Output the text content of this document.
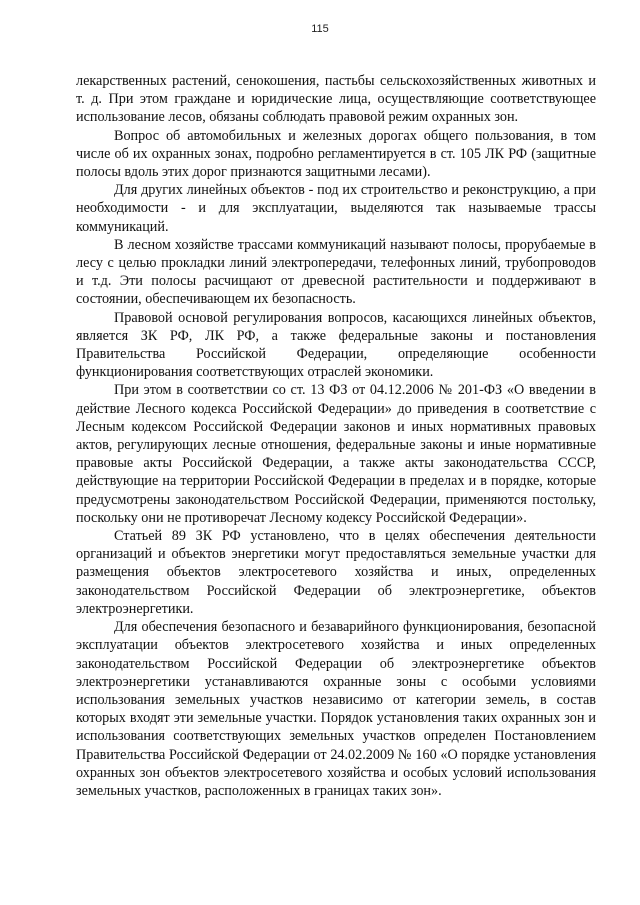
115

лекарственных растений, сенокошения, пастьбы сельскохозяйственных животных и т. д. При этом граждане и юридические лица, осуществляющие соответствующее использование лесов, обязаны соблюдать правовой режим охранных зон.

Вопрос об автомобильных и железных дорогах общего пользования, в том числе об их охранных зонах, подробно регламентируется в ст. 105 ЛК РФ (защитные полосы вдоль этих дорог признаются защитными лесами).

Для других линейных объектов - под их строительство и реконструкцию, а при необходимости - и для эксплуатации, выделяются так называемые трассы коммуникаций.

В лесном хозяйстве трассами коммуникаций называют полосы, прорубаемые в лесу с целью прокладки линий электропередачи, телефонных линий, трубопроводов и т.д. Эти полосы расчищают от древесной растительности и поддерживают в состоянии, обеспечивающем их безопасность.

Правовой основой регулирования вопросов, касающихся линейных объектов, является ЗК РФ, ЛК РФ, а также федеральные законы и постановления Правительства Российской Федерации, определяющие особенности функционирования соответствующих отраслей экономики.

При этом в соответствии со ст. 13 ФЗ от 04.12.2006 № 201-ФЗ «О введении в действие Лесного кодекса Российской Федерации» до приведения в соответствие с Лесным кодексом Российской Федерации законов и иных нормативных правовых актов, регулирующих лесные отношения, федеральные законы и иные нормативные правовые акты Российской Федерации, а также акты законодательства СССР, действующие на территории Российской Федерации в пределах и в порядке, которые предусмотрены законодательством Российской Федерации, применяются постольку, поскольку они не противоречат Лесному кодексу Российской Федерации».

Статьей 89 ЗК РФ установлено, что в целях обеспечения деятельности организаций и объектов энергетики могут предоставляться земельные участки для размещения объектов электросетевого хозяйства и иных, определенных законодательством Российской Федерации об электроэнергетике, объектов электроэнергетики.

Для обеспечения безопасного и безаварийного функционирования, безопасной эксплуатации объектов электросетевого хозяйства и иных определенных законодательством Российской Федерации об электроэнергетике объектов электроэнергетики устанавливаются охранные зоны с особыми условиями использования земельных участков независимо от категории земель, в состав которых входят эти земельные участки. Порядок установления таких охранных зон и использования соответствующих земельных участков определен Постановлением Правительства Российской Федерации от 24.02.2009 № 160 «О порядке установления охранных зон объектов электросетевого хозяйства и особых условий использования земельных участков, расположенных в границах таких зон».
